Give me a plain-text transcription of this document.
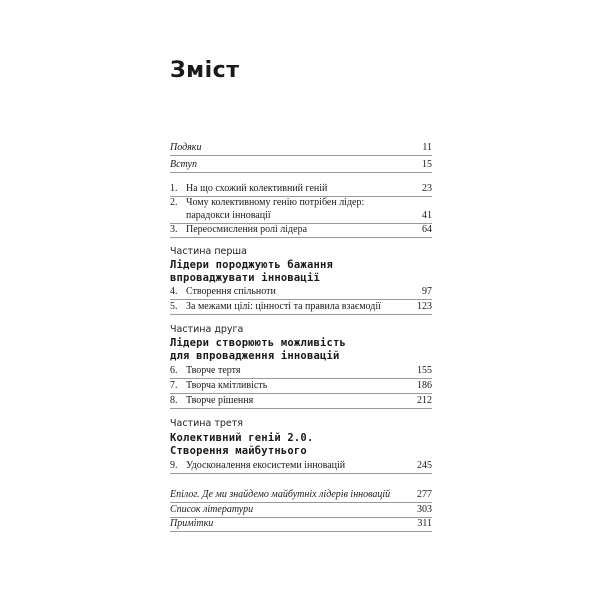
Зміст
Подяки	11
Вступ	15
1. На що схожий колективний геній	23
2. Чому колективному генію потрібен лідер:
парадокси інновації	41
3. Переосмислення ролі лідера	64
Частина перша
Лідери породжують бажання
впроваджувати інновації
4. Створення спільноти	97
5. За межами цілі: цінності та правила взаємодії	123
Частина друга
Лідери створюють можливість
для впровадження інновацій
6. Творче тертя	155
7. Творча кмітливість	186
8. Творче рішення	212
Частина третя
Колективний геній 2.0.
Створення майбутнього
9. Удосконалення екосистеми інновацій	245
Епілог. Де ми знайдемо майбутніх лідерів інновацій	277
Список літератури	303
Примітки	311
